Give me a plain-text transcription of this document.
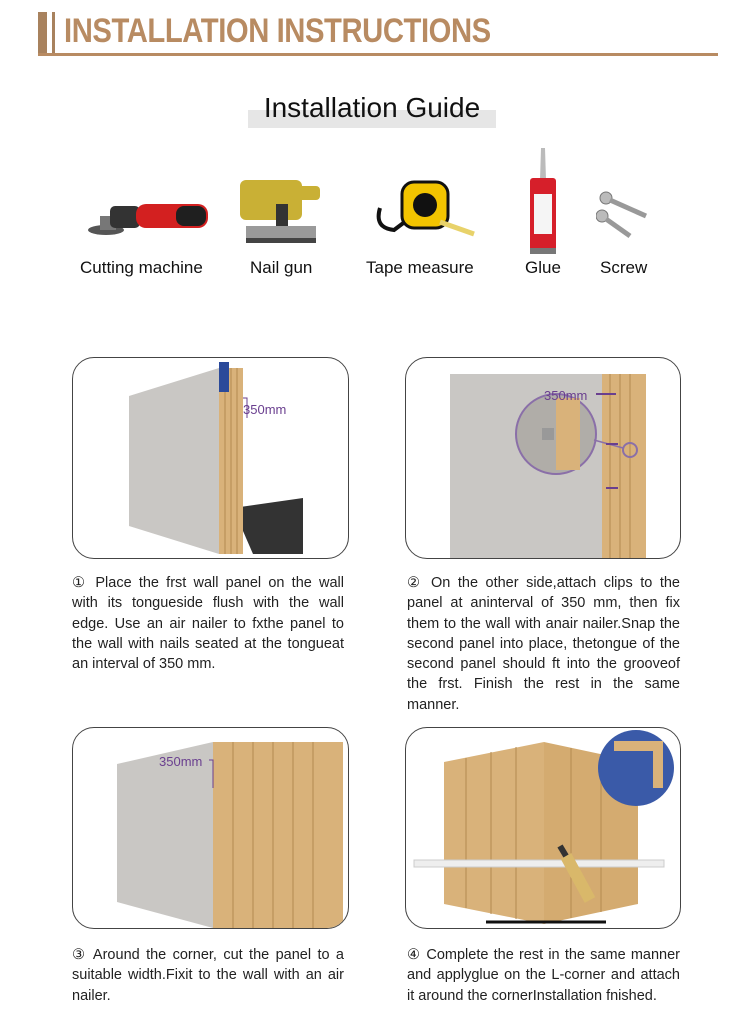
INSTALLATION INSTRUCTIONS
Installation Guide
Cutting machine	Nail gun	Tape measure	Glue Screw
350mm
① Place the frst wall panel on the wall with its tongueside flush with the wall edge. Use an air nailer to fxthe panel to the wall with nails seated at the tongueat an interval of 350 mm.
350mm
② On the other side,attach clips to the panel at aninterval of 350 mm, then fix them to the wall with anair nailer.Snap the second panel into place, thetongue of the second panel should ft into the grooveof the frst. Finish the rest in the same manner.
350mm
③ Around the corner, cut the panel to a suitable width.Fixit to the wall with an air nailer.
④ Complete the rest in the same manner and applyglue on the L-corner and attach it around the cornerInstallation fnished.
